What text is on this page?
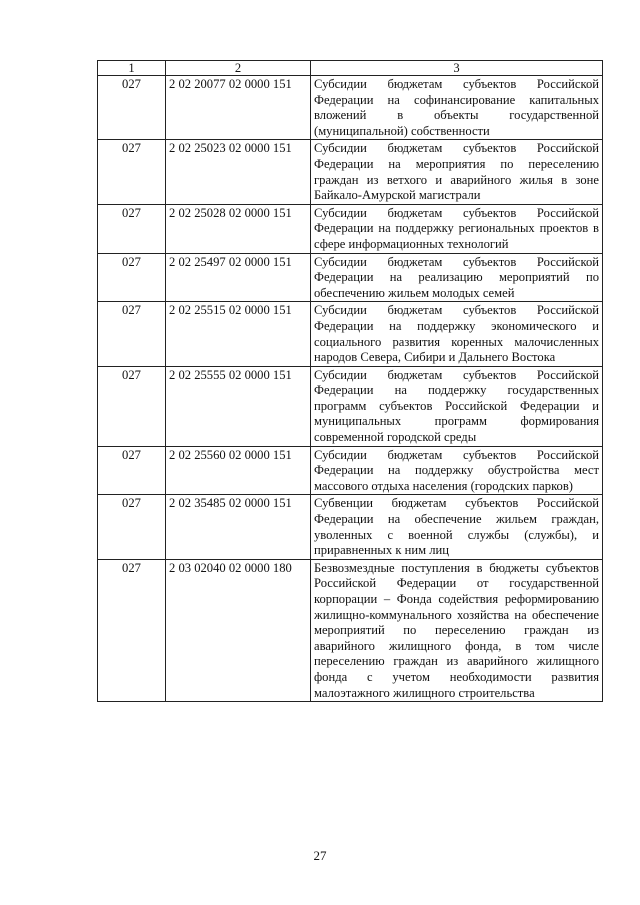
1	2	3
027	2 02 20077 02 0000 151	Субсидии бюджетам субъектов Российской Федерации на софинансирование капитальных вложений в объекты государственной (муниципальной) собственности
027	2 02 25023 02 0000 151	Субсидии бюджетам субъектов Российской Федерации на мероприятия по переселению граждан из ветхого и аварийного жилья в зоне Байкало-Амурской магистрали
027	2 02 25028 02 0000 151	Субсидии бюджетам субъектов Российской Федерации на поддержку региональных проектов в сфере информационных технологий
027	2 02 25497 02 0000 151	Субсидии бюджетам субъектов Российской Федерации на реализацию мероприятий по обеспечению жильем молодых семей
027	2 02 25515 02 0000 151	Субсидии бюджетам субъектов Российской Федерации на поддержку экономического и социального развития коренных малочисленных народов Севера, Сибири и Дальнего Востока
027	2 02 25555 02 0000 151	Субсидии бюджетам субъектов Российской Федерации на поддержку государственных программ субъектов Российской Федерации и муниципальных программ формирования современной городской среды
027	2 02 25560 02 0000 151	Субсидии бюджетам субъектов Российской Федерации на поддержку обустройства мест массового отдыха населения (городских парков)
027	2 02 35485 02 0000 151	Субвенции бюджетам субъектов Российской Федерации на обеспечение жильем граждан, уволенных с военной службы (службы), и приравненных к ним лиц
027	2 03 02040 02 0000 180	Безвозмездные поступления в бюджеты субъектов Российской Федерации от государственной корпорации – Фонда содействия реформированию жилищно-коммунального хозяйства на обеспечение мероприятий по переселению граждан из аварийного жилищного фонда, в том числе переселению граждан из аварийного жилищного фонда с учетом необходимости развития малоэтажного жилищного строительства
27
